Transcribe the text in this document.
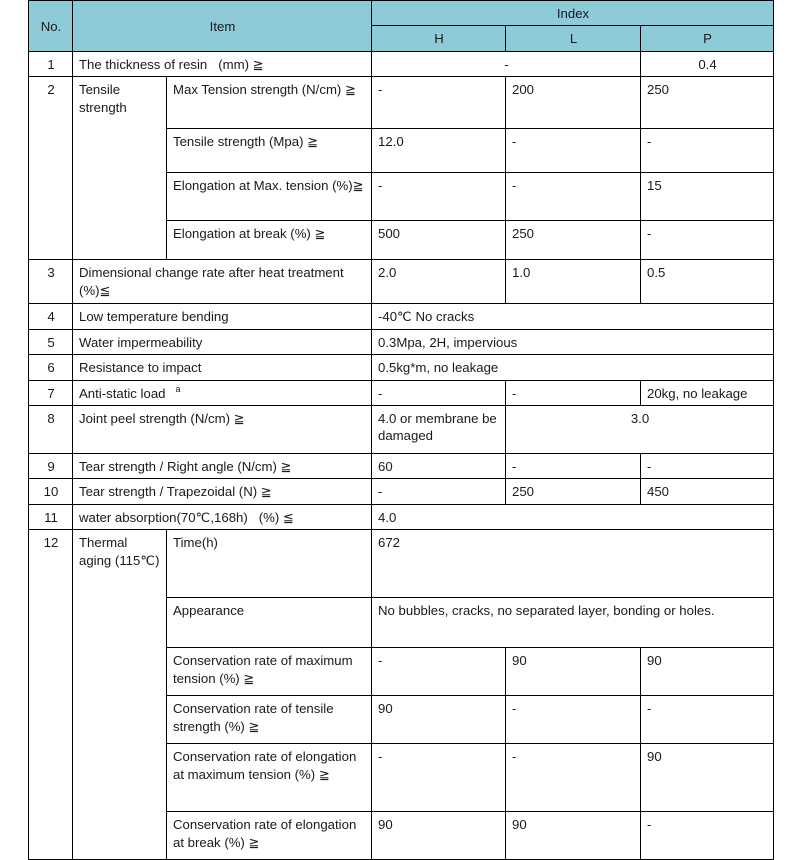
No.	Item		Index		
			H	L	P
1	The thickness of resin   (mm) ≧		-		0.4
2	Tensile strength	Max Tension strength (N/cm) ≧	-	200	250
		Tensile strength (Mpa) ≧	12.0	-	-
		Elongation at Max. tension (%)≧	-	-	15
		Elongation at break (%) ≧	500	250	-
3	Dimensional change rate after heat treatment (%)≦		2.0	1.0	0.5
4	Low temperature bending		-40℃ No cracks		
5	Water impermeability		0.3Mpa, 2H, impervious		
6	Resistance to impact		0.5kg*m, no leakage		
7	Anti-static load $^a$		-	-	20kg, no leakage
8	Joint peel strength (N/cm) ≧		4.0 or membrane be damaged	3.0	
9	Tear strength / Right angle (N/cm) ≧		60	-	-
10	Tear strength / Trapezoidal (N) ≧		-	250	450
11	water absorption(70℃,168h)   (%) ≦		4.0		
12	Thermal aging (115℃)	Time(h)	672		
		Appearance	No bubbles, cracks, no separated layer, bonding or holes.		
		Conservation rate of maximum tension (%) ≧	-	90	90
		Conservation rate of tensile strength (%) ≧	90	-	-
		Conservation rate of elongation at maximum tension (%) ≧	-	-	90
		Conservation rate of elongation at break (%) ≧	90	90	-
